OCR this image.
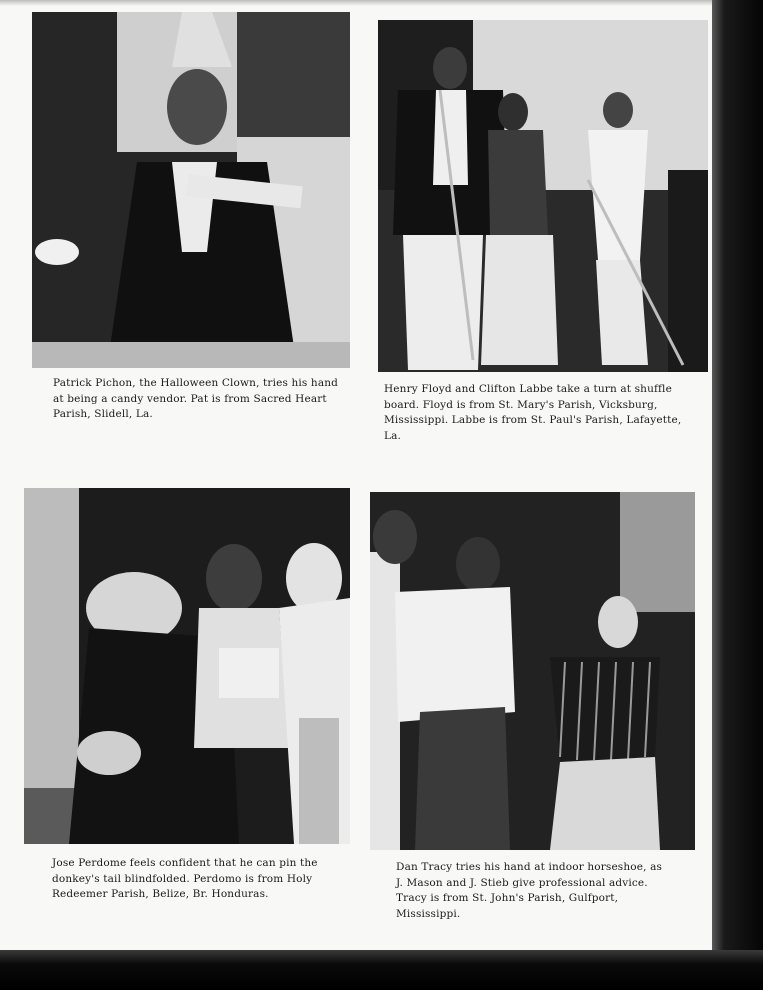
Patrick Pichon, the Halloween Clown, tries his hand at being a candy vendor. Pat is from Sacred Heart Parish, Slidell, La.

Henry Floyd and Clifton Labbe take a turn at shuffle board. Floyd is from St. Mary's Parish, Vicksburg, Mississippi. Labbe is from St. Paul's Parish, Lafayette, La.

Jose Perdome feels confident that he can pin the donkey's tail blindfolded. Perdomo is from Holy Redeemer Parish, Belize, Br. Honduras.

Dan Tracy tries his hand at indoor horseshoe, as J. Mason and J. Stieb give professional advice. Tracy is from St. John's Parish, Gulfport, Mississippi.
